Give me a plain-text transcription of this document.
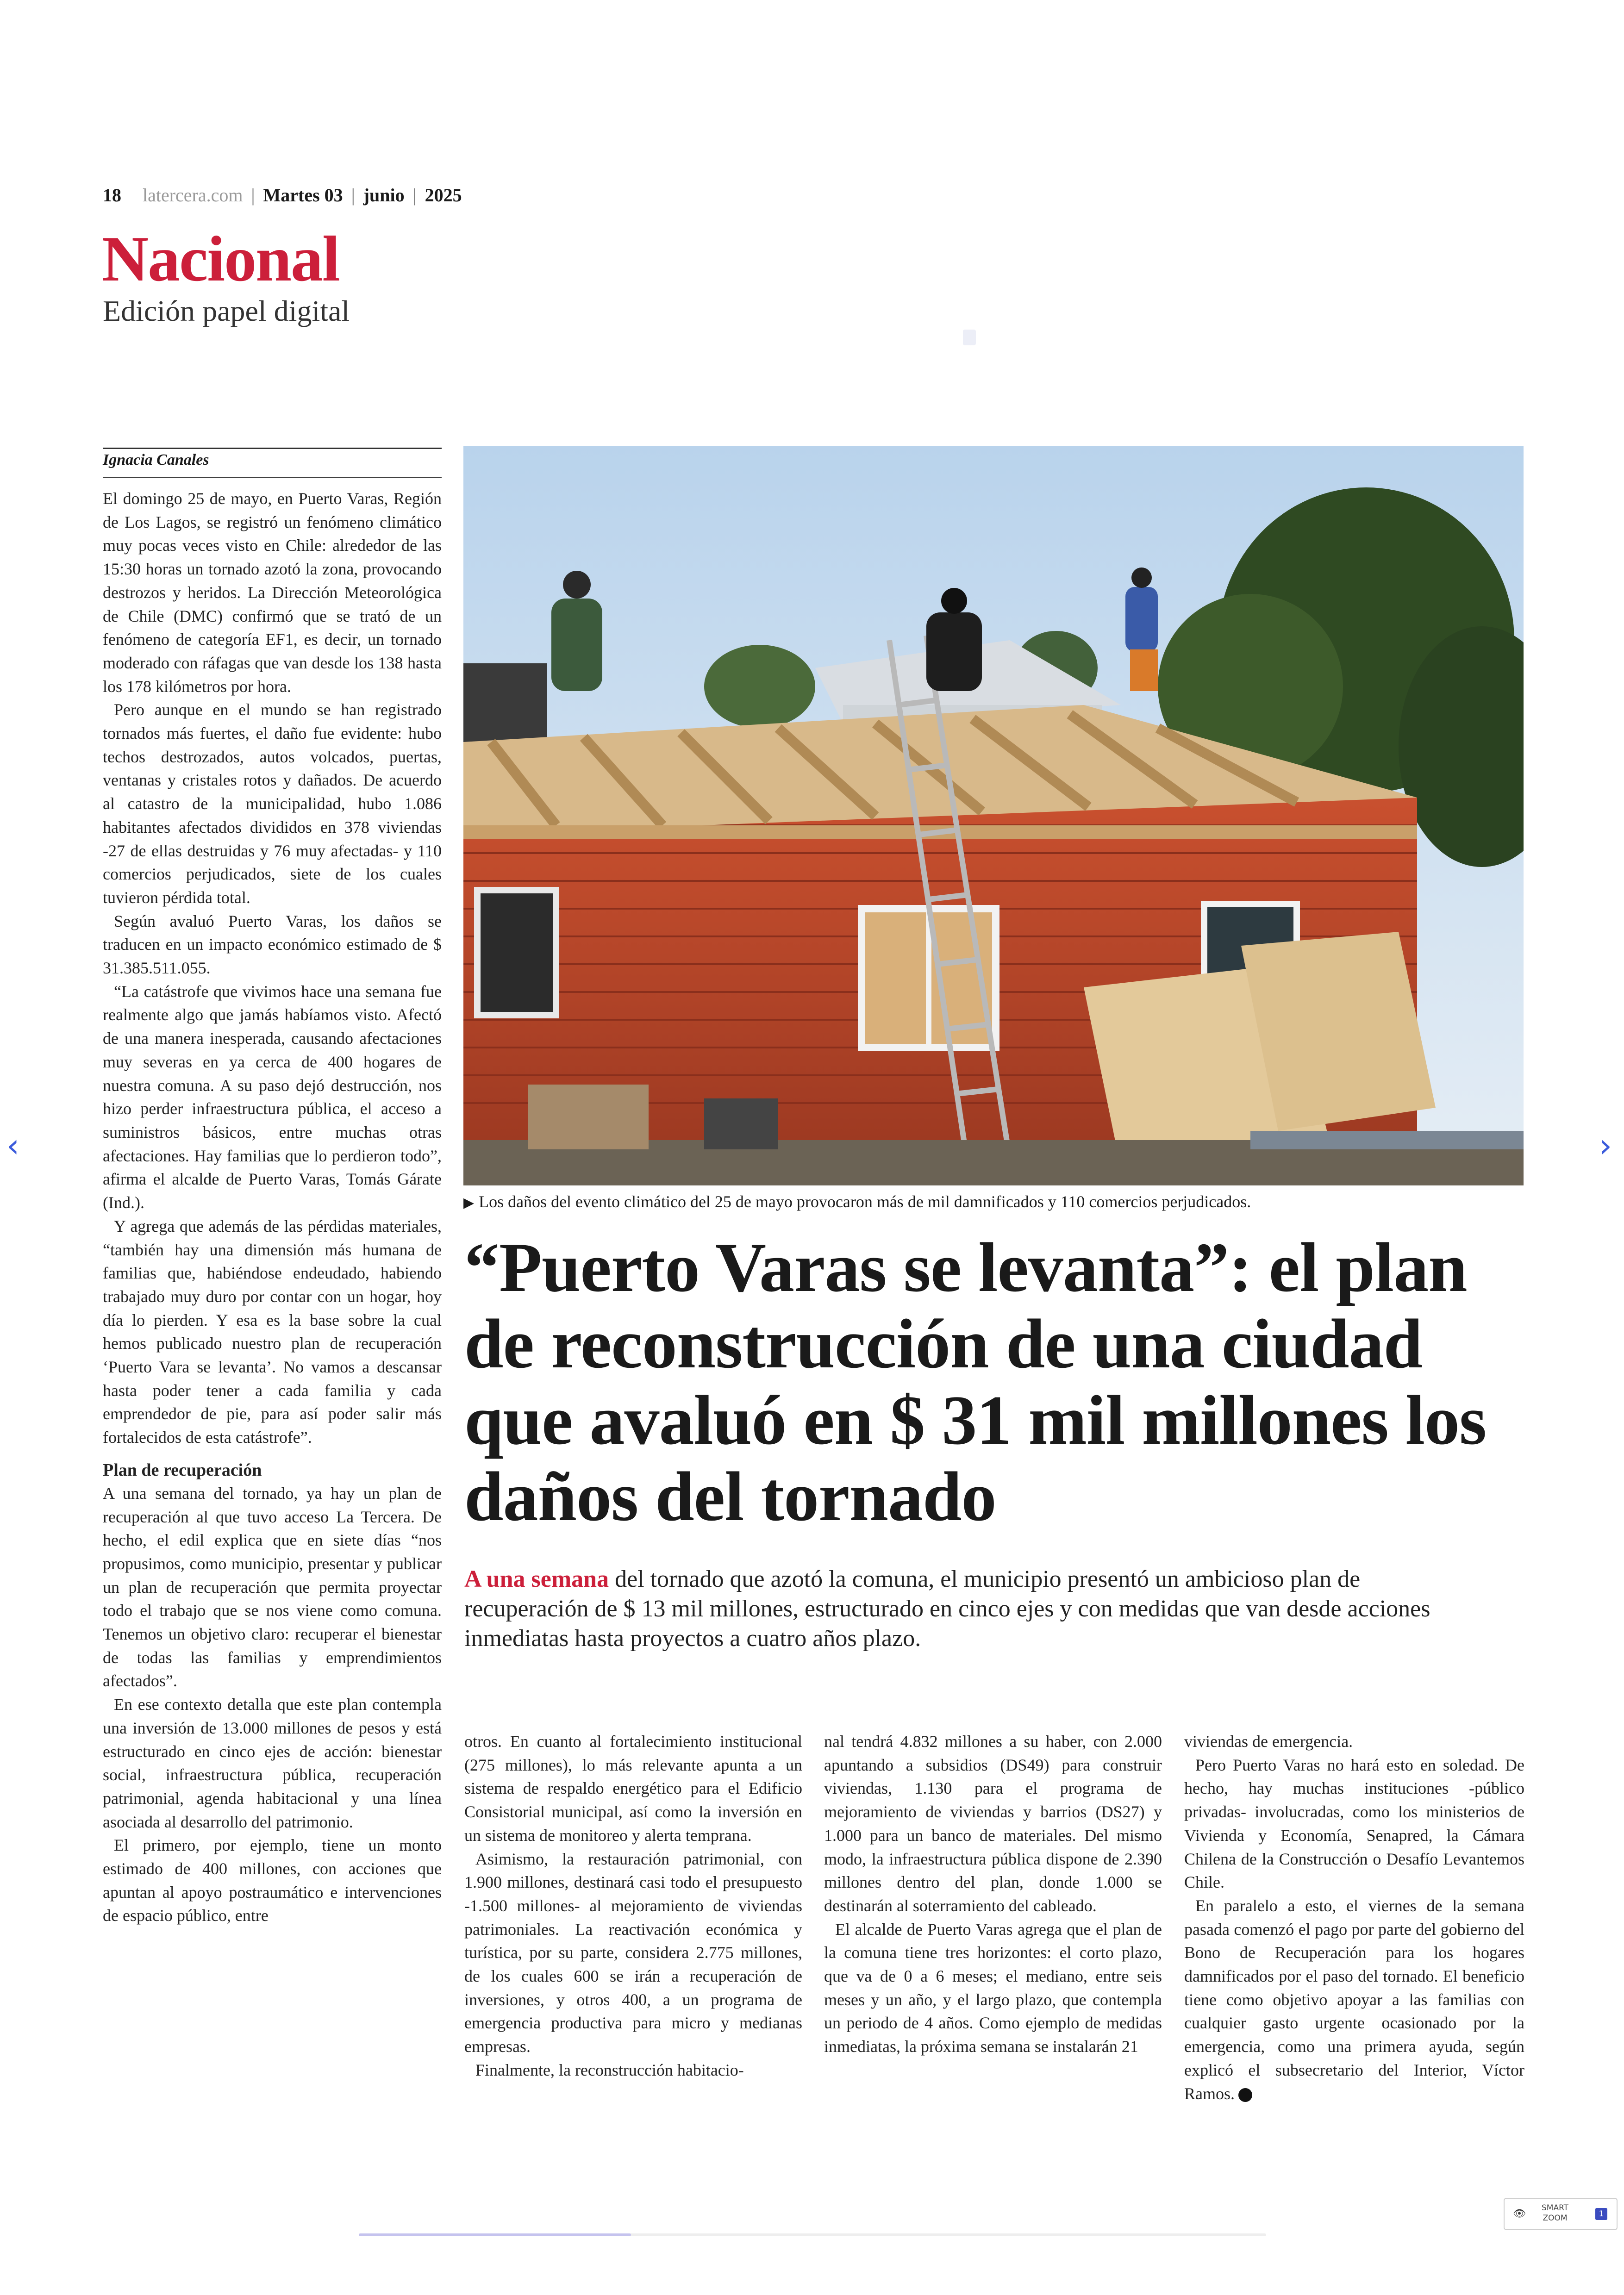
18 latercera.com | Martes 03 | junio | 2025
Nacional
Edición papel digital
Ignacia Canales

El domingo 25 de mayo, en Puerto Varas, Región de Los Lagos, se registró un fenómeno climático muy pocas veces visto en Chile: alrededor de las 15:30 horas un tornado azotó la zona, provocando destrozos y heridos. La Dirección Meteorológica de Chile (DMC) confirmó que se trató de un fenómeno de categoría EF1, es decir, un tornado moderado con ráfagas que van desde los 138 hasta los 178 kilómetros por hora.

Pero aunque en el mundo se han registrado tornados más fuertes, el daño fue evidente: hubo techos destrozados, autos volcados, puertas, ventanas y cristales rotos y dañados. De acuerdo al catastro de la municipalidad, hubo 1.086 habitantes afectados divididos en 378 viviendas -27 de ellas destruidas y 76 muy afectadas- y 110 comercios perjudicados, siete de los cuales tuvieron pérdida total.

Según avaluó Puerto Varas, los daños se traducen en un impacto económico estimado de $ 31.385.511.055.

“La catástrofe que vivimos hace una semana fue realmente algo que jamás habíamos visto. Afectó de una manera inesperada, causando afectaciones muy severas en ya cerca de 400 hogares de nuestra comuna. A su paso dejó destrucción, nos hizo perder infraestructura pública, el acceso a suministros básicos, entre muchas otras afectaciones. Hay familias que lo perdieron todo”, afirma el alcalde de Puerto Varas, Tomás Gárate (Ind.).

Y agrega que además de las pérdidas materiales, “también hay una dimensión más humana de familias que, habiéndose endeudado, habiendo trabajado muy duro por contar con un hogar, hoy día lo pierden. Y esa es la base sobre la cual hemos publicado nuestro plan de recuperación ‘Puerto Vara se levanta’. No vamos a descansar hasta poder tener a cada familia y cada emprendedor de pie, para así poder salir más fortalecidos de esta catástrofe”.

Plan de recuperación

A una semana del tornado, ya hay un plan de recuperación al que tuvo acceso La Tercera. De hecho, el edil explica que en siete días “nos propusimos, como municipio, presentar y publicar un plan de recuperación que permita proyectar todo el trabajo que se nos viene como comuna. Tenemos un objetivo claro: recuperar el bienestar de todas las familias y emprendimientos afectados”.

En ese contexto detalla que este plan contempla una inversión de 13.000 millones de pesos y está estructurado en cinco ejes de acción: bienestar social, infraestructura pública, recuperación patrimonial, agenda habitacional y una línea asociada al desarrollo del patrimonio.

El primero, por ejemplo, tiene un monto estimado de 400 millones, con acciones que apuntan al apoyo postraumático e intervenciones de espacio público, entre

▶ Los daños del evento climático del 25 de mayo provocaron más de mil damnificados y 110 comercios perjudicados.
“Puerto Varas se levanta”: el plan de reconstrucción de una ciudad que avaluó en $ 31 mil millones los daños del tornado
A una semana del tornado que azotó la comuna, el municipio presentó un ambicioso plan de recuperación de $ 13 mil millones, estructurado en cinco ejes y con medidas que van desde acciones inmediatas hasta proyectos a cuatro años plazo.

otros. En cuanto al fortalecimiento institucional (275 millones), lo más relevante apunta a un sistema de respaldo energético para el Edificio Consistorial municipal, así como la inversión en un sistema de monitoreo y alerta temprana.

Asimismo, la restauración patrimonial, con 1.900 millones, destinará casi todo el presupuesto -1.500 millones- al mejoramiento de viviendas patrimoniales. La reactivación económica y turística, por su parte, considera 2.775 millones, de los cuales 600 se irán a recuperación de inversiones, y otros 400, a un programa de emergencia productiva para micro y medianas empresas.

Finalmente, la reconstrucción habitacio-

nal tendrá 4.832 millones a su haber, con 2.000 apuntando a subsidios (DS49) para construir viviendas, 1.130 para el programa de mejoramiento de viviendas y barrios (DS27) y 1.000 para un banco de materiales. Del mismo modo, la infraestructura pública dispone de 2.390 millones dentro del plan, donde 1.000 se destinarán al soterramiento del cableado.

El alcalde de Puerto Varas agrega que el plan de la comuna tiene tres horizontes: el corto plazo, que va de 0 a 6 meses; el mediano, entre seis meses y un año, y el largo plazo, que contempla un periodo de 4 años. Como ejemplo de medidas inmediatas, la próxima semana se instalarán 21

viviendas de emergencia.

Pero Puerto Varas no hará esto en soledad. De hecho, hay muchas instituciones -público privadas- involucradas, como los ministerios de Vivienda y Economía, Senapred, la Cámara Chilena de la Construcción o Desafío Levantemos Chile.

En paralelo a esto, el viernes de la semana pasada comenzó el pago por parte del gobierno del Bono de Recuperación para los hogares damnificados por el paso del tornado. El beneficio tiene como objetivo apoyar a las familias con cualquier gasto urgente ocasionado por la emergencia, como una primera ayuda, según explicó el subsecretario del Interior, Víctor Ramos.

‹	›
👁 SMART
ZOOM	1
